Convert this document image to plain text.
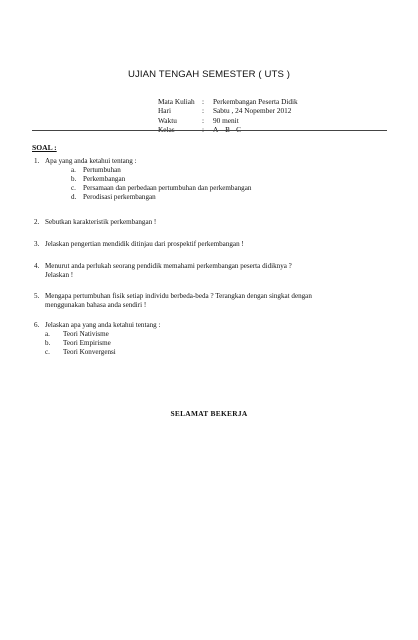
UJIAN TENGAH SEMESTER ( UTS )
Mata Kuliah : Perkembangan Peserta Didik
Hari	: Sabtu , 24 Nopember 2012
Waktu	: 90 menit
Kelas	: A – B - C
SOAL :
1. Apa yang anda ketahui tentang :
a. Pertumbuhan
b. Perkembangan
c. Persamaan dan perbedaan pertumbuhan dan perkembangan
d. Perodisasi perkembangan
2. Sebutkan karakteristik perkembangan !
3. Jelaskan pengertian mendidik ditinjau dari prospektif perkembangan !
4. Menurut anda perlukah seorang pendidik memahami perkembangan peserta didiknya ?
Jelaskan !
5. Mengapa pertumbuhan fisik setiap individu berbeda-beda ? Terangkan dengan singkat dengan
menggunakan bahasa anda sendiri !
6. Jelaskan apa yang anda ketahui tentang :
a. Teori Nativisme
b. Teori Empirisme
c. Teori Konvergensi
SELAMAT BEKERJA
